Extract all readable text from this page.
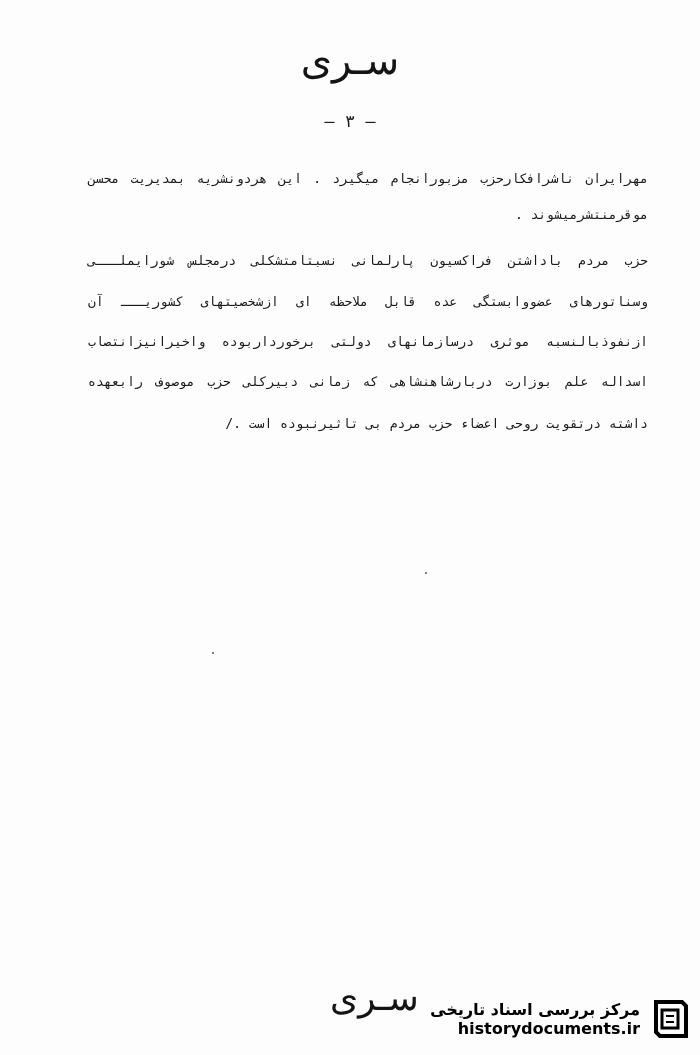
سـری
— ۳ —
مهرایران ناشرافکارحزب مزبورانجام میگیرد . این هردونشریه بمدیریت محسن
موقرمنتشرمیشوند .
حزب مردم باداشتن فراکسیون پارلمانی نسبتامتشکلی درمجلس شورایملـــی
وسناتورهای عضووابستگی عده قابل ملاحظه ای ازشخصیتهای کشوریـــ آن
ازنفوذبالنسبه موثری درسازمانهای دولتی برخورداربوده واخیرانیزانتصاب
اسداله علم بوزارت دربارشاهنشاهی که زمانی دبیرکلی حزب موصوف رابعهده
داشته درتقویت روحی اعضاء حزب مردم بی تاثیرنبوده است ./
سـری مرکز بررسی اسناد تاریخی
historydocuments.ir
